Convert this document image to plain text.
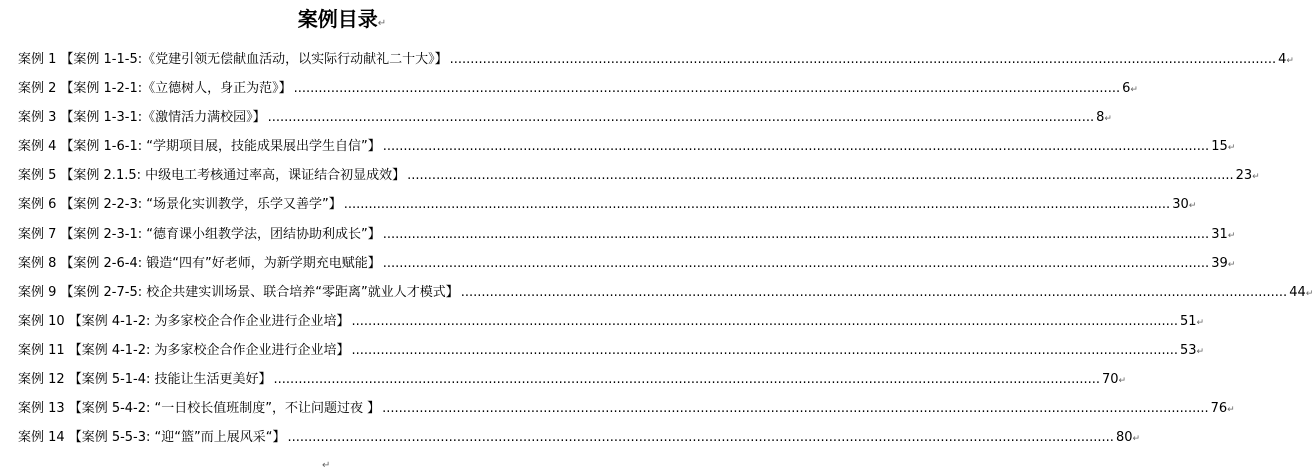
案例目录↵
案例 1 【案例 1-1-5:《党建引领无偿献血活动，以实际行动献礼二十大》】 .....	4 ↵
案例 2 【案例 1-2-1:《立德树人，身正为范》】 .....	6 ↵
案例 3 【案例 1-3-1:《激情活力满校园》】 .....	8 ↵
案例 4 【案例 1-6-1: “学期项目展，技能成果展出学生自信”】 .....	15 ↵
案例 5 【案例 2.1.5: 中级电工考核通过率高，课证结合初显成效】 .....	23 ↵
案例 6 【案例 2-2-3: “场景化实训教学，乐学又善学”】 .....	30 ↵
案例 7 【案例 2-3-1: “德育课小组教学法，团结协助利成长”】 .....	31 ↵
案例 8 【案例 2-6-4: 锻造“四有”好老师，为新学期充电赋能】 .....	39 ↵
案例 9 【案例 2-7-5: 校企共建实训场景、联合培养“零距离”就业人才模式】 .....	44 ↵
案例 10 【案例 4-1-2: 为多家校企合作企业进行企业培】 .....	51 ↵
案例 11 【案例 4-1-2: 为多家校企合作企业进行企业培】 .....	53 ↵
案例 12 【案例 5-1-4: 技能让生活更美好】 .....	70 ↵
案例 13 【案例 5-4-2: “一日校长值班制度”，不让问题过夜 】 .....	76 ↵
案例 14 【案例 5-5-3: “迎“篮”而上展风采“】 .....	80 ↵
↵
